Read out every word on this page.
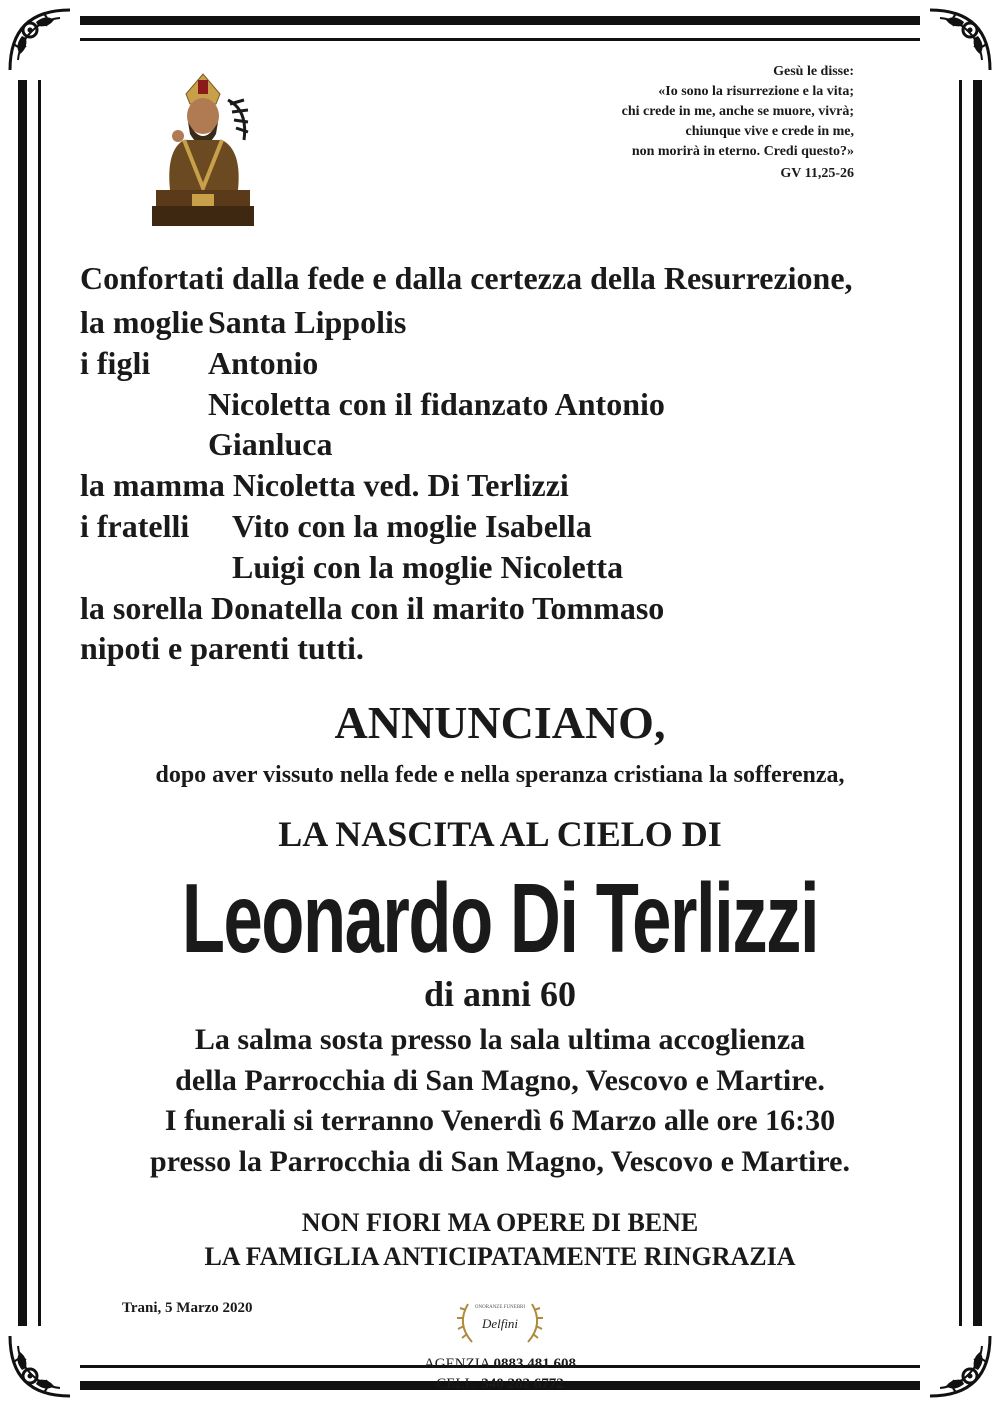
Gesù le disse:
«Io sono la risurrezione e la vita;
chi crede in me, anche se muore, vivrà;
chiunque vive e crede in me,
non morirà in eterno. Credi questo?»
GV 11,25-26
Confortati dalla fede e dalla certezza della Resurrezione,
la moglie Santa Lippolis
i figli	Antonio
Nicoletta con il fidanzato Antonio
Gianluca
la mamma Nicoletta ved. Di Terlizzi
i fratelli	Vito con la moglie Isabella
Luigi con la moglie Nicoletta
la sorella Donatella con il marito Tommaso
nipoti e parenti tutti.
ANNUNCIANO,
dopo aver vissuto nella fede e nella speranza cristiana la sofferenza,
LA NASCITA AL CIELO DI
Leonardo Di Terlizzi
di anni 60
La salma sosta presso la sala ultima accoglienza
della Parrocchia di San Magno, Vescovo e Martire.
I funerali si terranno Venerdì 6 Marzo alle ore 16:30
presso la Parrocchia di San Magno, Vescovo e Martire.
NON FIORI MA OPERE DI BENE
LA FAMIGLIA ANTICIPATAMENTE RINGRAZIA
Trani, 5 Marzo 2020	ONORANZE FUNEBRI
Delfini
AGENZIA 0883 481 608
CELL. 340 282 6772
